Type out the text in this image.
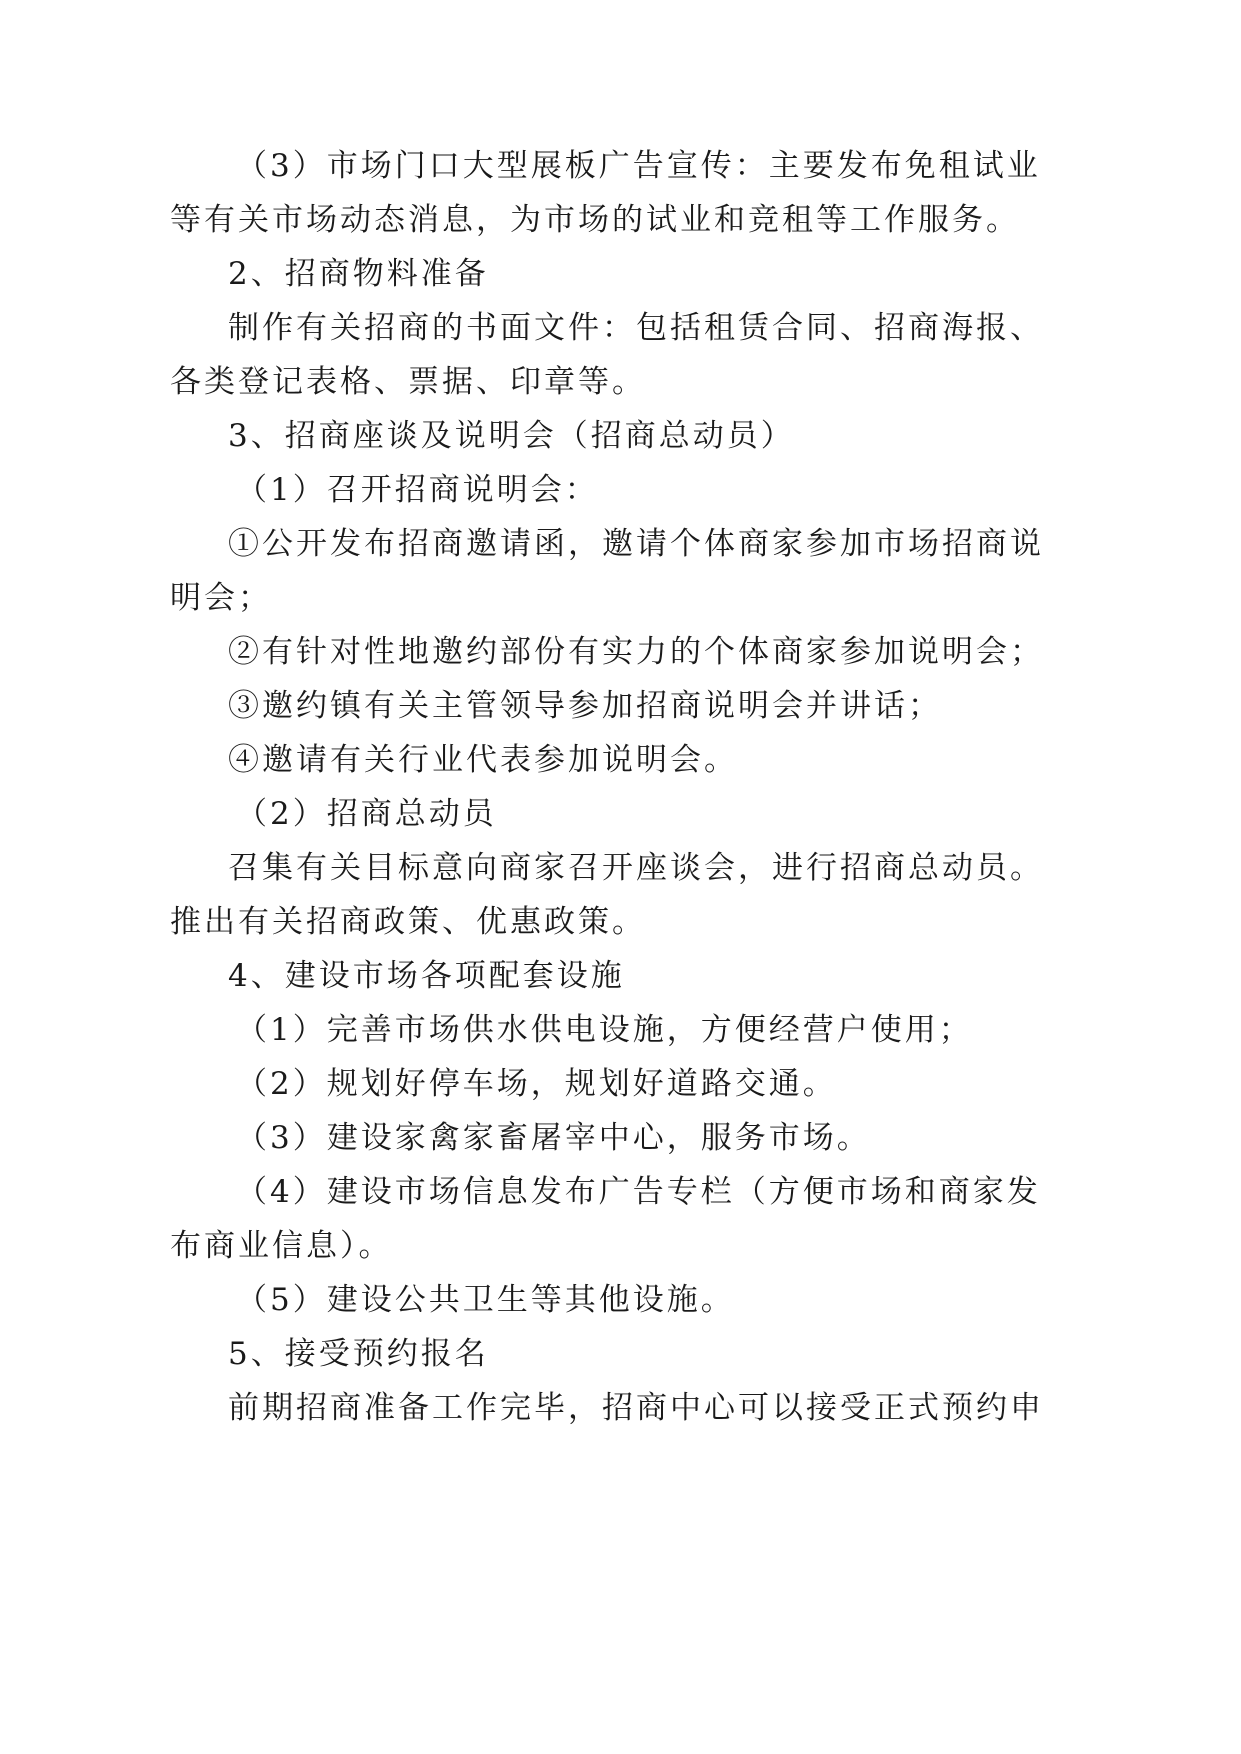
（3）市场门口大型展板广告宣传：主要发布免租试业
等有关市场动态消息，为市场的试业和竞租等工作服务。
2、招商物料准备
制作有关招商的书面文件：包括租赁合同、招商海报、
各类登记表格、票据、印章等。
3、招商座谈及说明会（招商总动员）
（1）召开招商说明会：
①公开发布招商邀请函，邀请个体商家参加市场招商说
明会；
②有针对性地邀约部份有实力的个体商家参加说明会；
③邀约镇有关主管领导参加招商说明会并讲话；
④邀请有关行业代表参加说明会。
（2）招商总动员
召集有关目标意向商家召开座谈会，进行招商总动员。
推出有关招商政策、优惠政策。
4、建设市场各项配套设施
（1）完善市场供水供电设施，方便经营户使用；
（2）规划好停车场，规划好道路交通。
（3）建设家禽家畜屠宰中心，服务市场。
（4）建设市场信息发布广告专栏（方便市场和商家发
布商业信息）。
（5）建设公共卫生等其他设施。
5、接受预约报名
前期招商准备工作完毕，招商中心可以接受正式预约申
